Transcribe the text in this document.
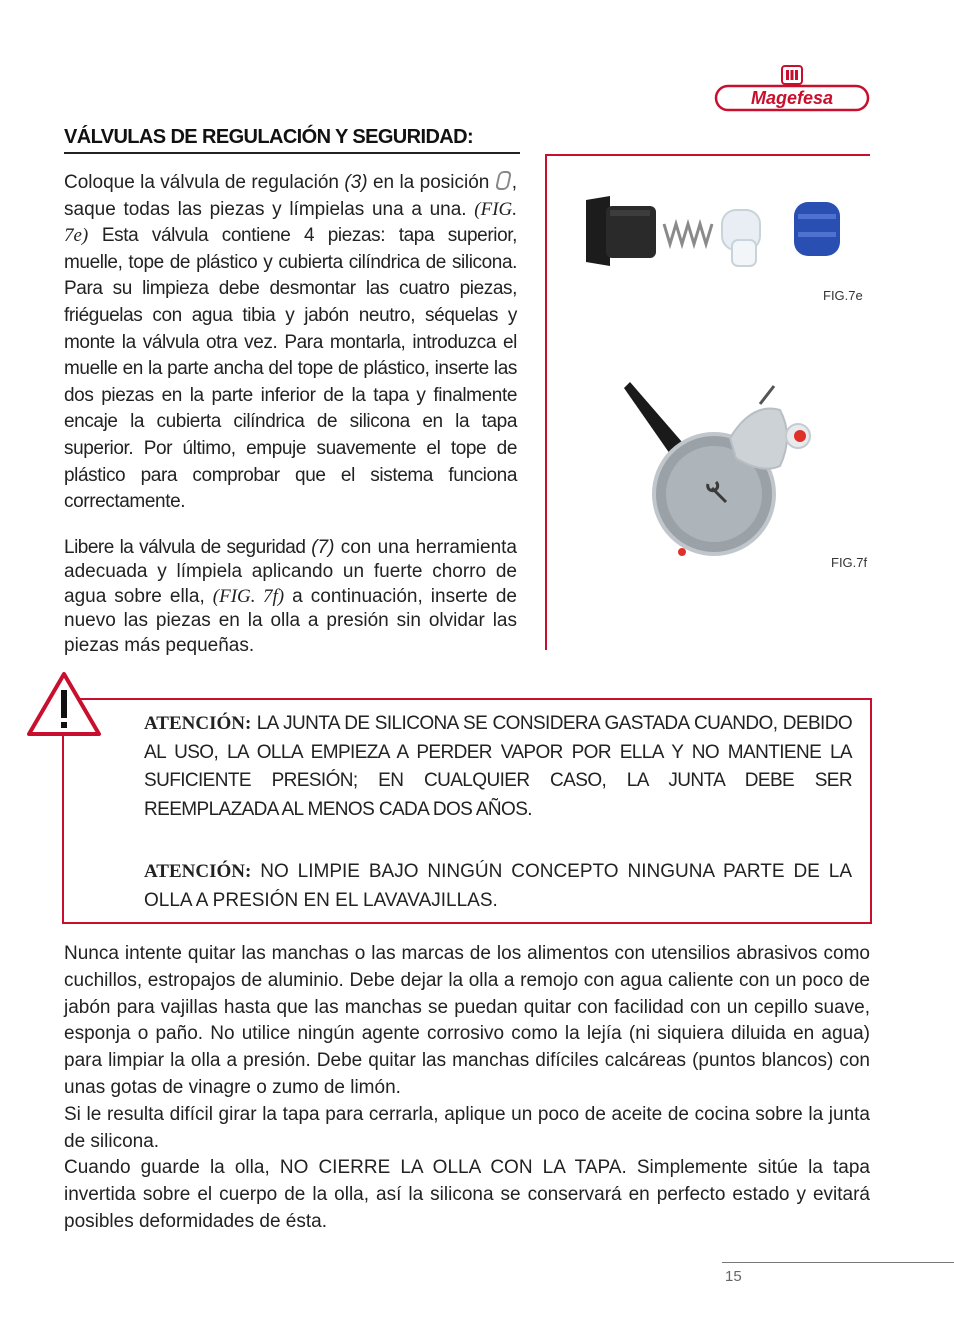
Magefesa
VÁLVULAS DE REGULACIÓN Y SEGURIDAD:
Coloque la válvula de regulación (3) en la posición , saque todas las piezas y límpielas una a una. (FIG. 7e) Esta válvula contiene 4 piezas: tapa superior, muelle, tope de plástico y cubierta cilíndrica de silicona. Para su limpieza debe desmontar las cuatro piezas, friéguelas con agua tibia y jabón neutro, séquelas y monte la válvula otra vez. Para montarla, introduzca el muelle en la parte ancha del tope de plástico, inserte las dos piezas en la parte inferior de la tapa y finalmente encaje la cubierta cilíndrica de silicona en la tapa superior. Por último, empuje suavemente el tope de plástico para comprobar que el sistema funciona correctamente.
Libere la válvula de seguridad (7) con una herramienta adecuada y límpiela aplicando un fuerte chorro de agua sobre ella, (FIG. 7f) a continuación, inserte de nuevo las piezas en la olla a presión sin olvidar las piezas más pequeñas.
FIG.7e
FIG.7f
ATENCIÓN: LA JUNTA DE SILICONA SE CONSIDERA GASTADA CUANDO, DEBIDO AL USO, LA OLLA EMPIEZA A PERDER VAPOR POR ELLA Y NO MANTIENE LA SUFICIENTE PRESIÓN; EN CUALQUIER CASO, LA JUNTA DEBE SER REEMPLAZADA AL MENOS CADA DOS AÑOS.
ATENCIÓN: NO LIMPIE BAJO NINGÚN CONCEPTO NINGUNA PARTE DE LA OLLA A PRESIÓN EN EL LAVAVAJILLAS.

Nunca intente quitar las manchas o las marcas de los alimentos con utensilios abrasivos como cuchillos, estropajos de aluminio. Debe dejar la olla a remojo con agua caliente con un poco de jabón para vajillas hasta que las manchas se puedan quitar con facilidad con un cepillo suave, esponja o paño. No utilice ningún agente corrosivo como la lejía (ni siquiera diluida en agua) para limpiar la olla a presión. Debe quitar las manchas difíciles calcáreas (puntos blancos) con unas gotas de vinagre o zumo de limón.

Si le resulta difícil girar la tapa para cerrarla, aplique un poco de aceite de cocina sobre la junta de silicona.

Cuando guarde la olla, NO CIERRE LA OLLA CON LA TAPA. Simplemente sitúe la tapa invertida sobre el cuerpo de la olla, así la silicona se conservará en perfecto estado y evitará posibles deformidades de ésta.

15
